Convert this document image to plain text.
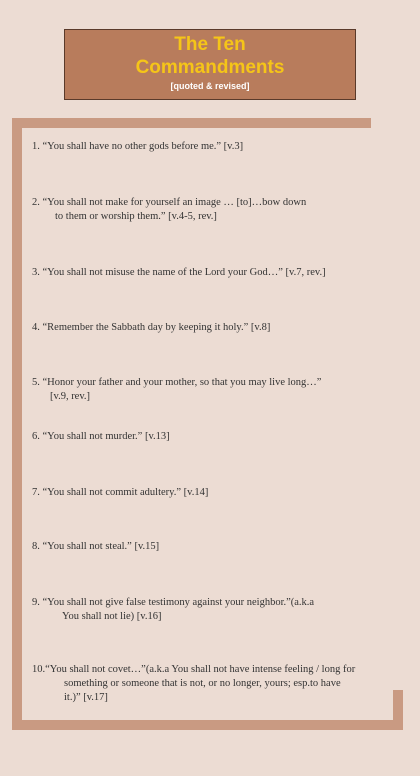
The Ten
Commandments
[quoted & revised]
1. “You shall have no other gods before me.” [v.3]
2. “You shall not make for yourself an image … [to]…bow down
to them or worship them.” [v.4-5, rev.]
3. “You shall not misuse the name of the Lord your God…” [v.7, rev.]
4. “Remember the Sabbath day by keeping it holy.” [v.8]
5. “Honor your father and your mother, so that you may live long…”
[v.9, rev.]
6. “You shall not murder.” [v.13]
7. “You shall not commit adultery.” [v.14]
8. “You shall not steal.” [v.15]
9. “You shall not give false testimony against your neighbor.”(a.k.a
You shall not lie) [v.16]
10.“You shall not covet…”(a.k.a You shall not have intense feeling / long for
something or someone that is not, or no longer, yours; esp.to have
it.)” [v.17]
